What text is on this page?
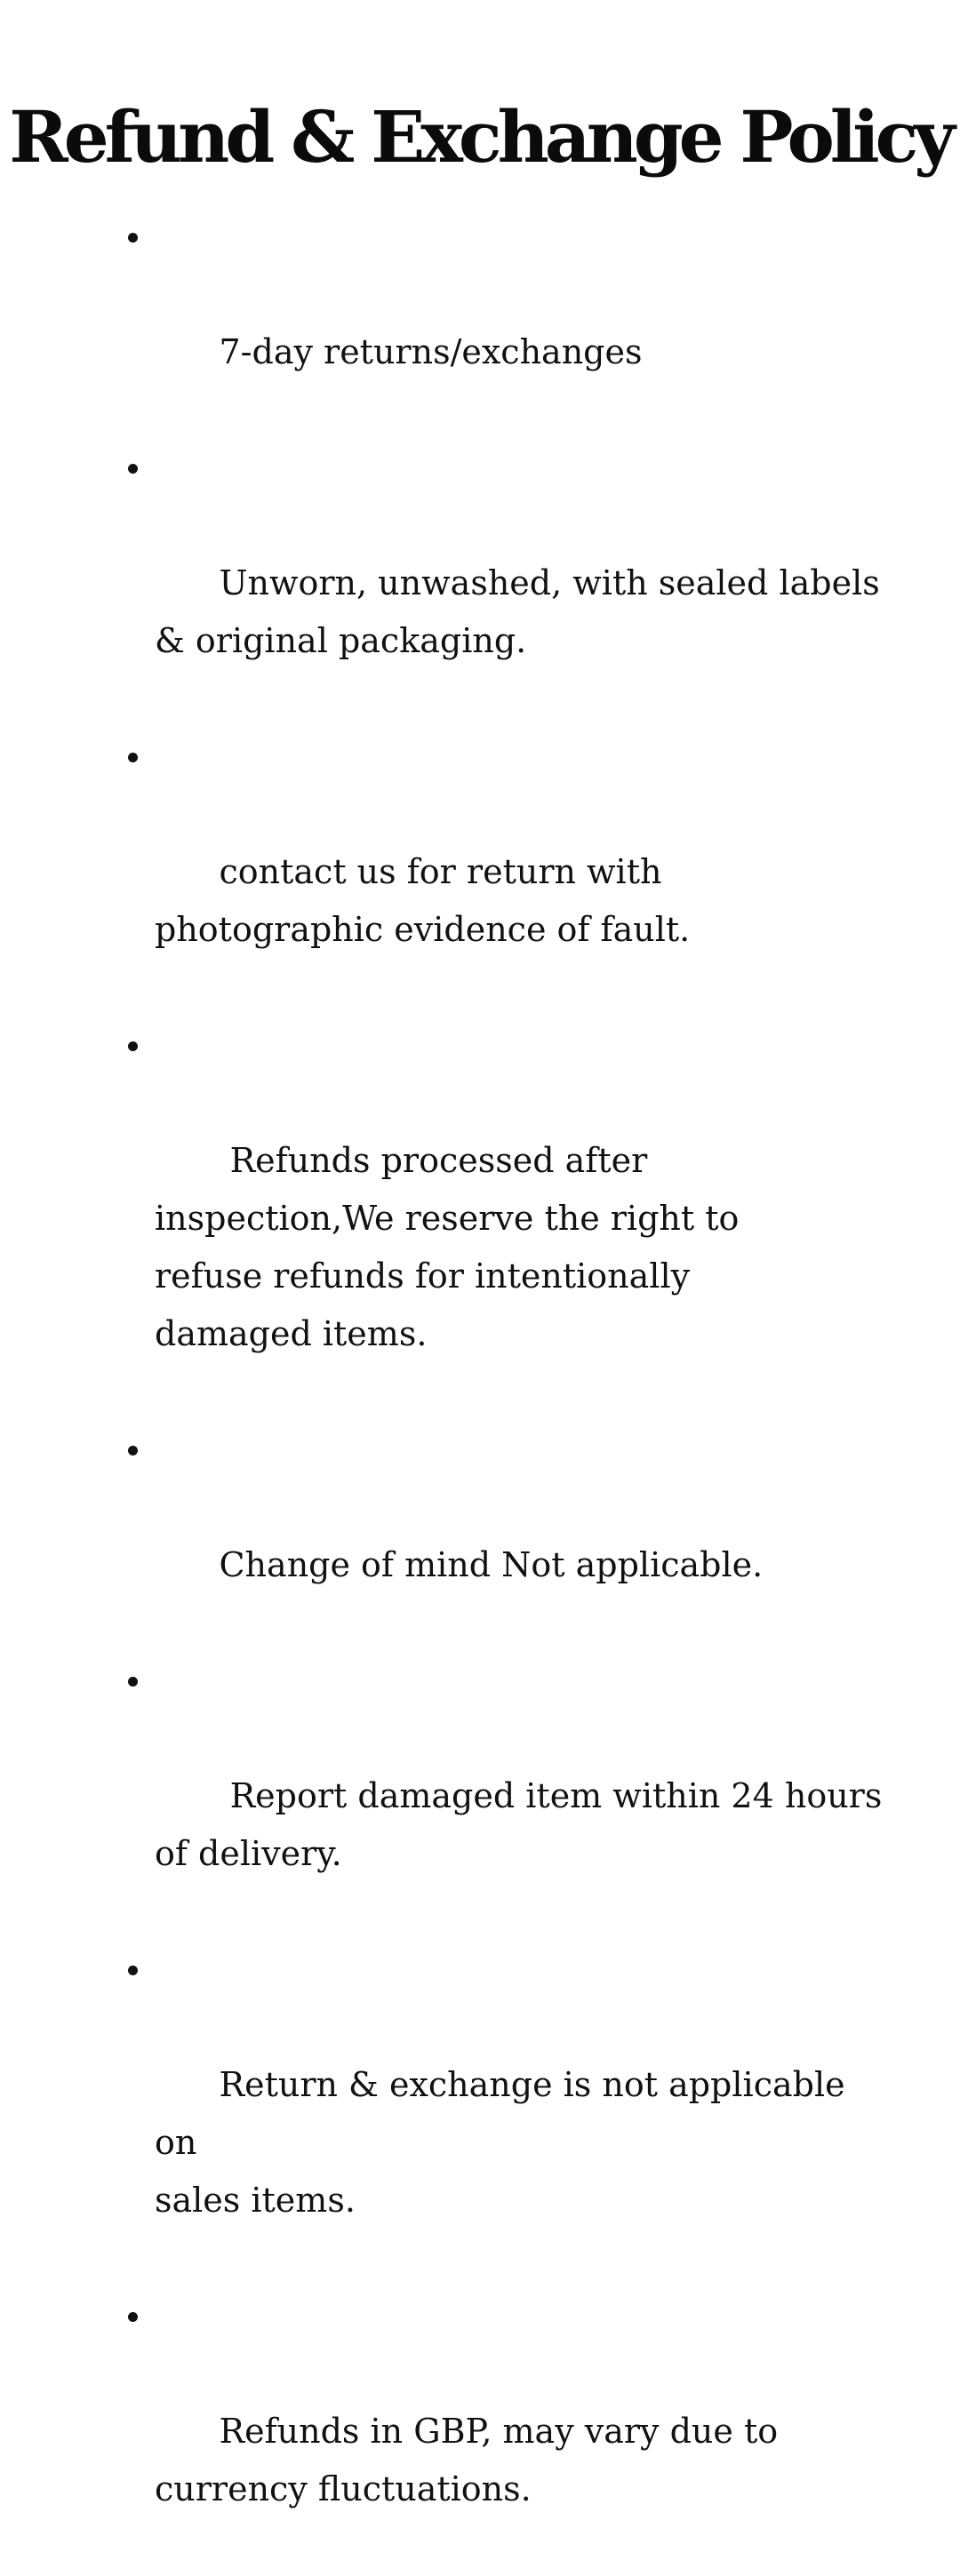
Refund & Exchange Policy

7-day returns/exchanges

Unworn, unwashed, with sealed labels
& original packaging.

contact us for return with
photographic evidence of fault.

Refunds processed after
inspection,We reserve the right to
refuse refunds for intentionally
damaged items.

Change of mind Not applicable.

Report damaged item within 24 hours
of delivery.

Return & exchange is not applicable on
sales items.

Refunds in GBP, may vary due to
currency fluctuations.
